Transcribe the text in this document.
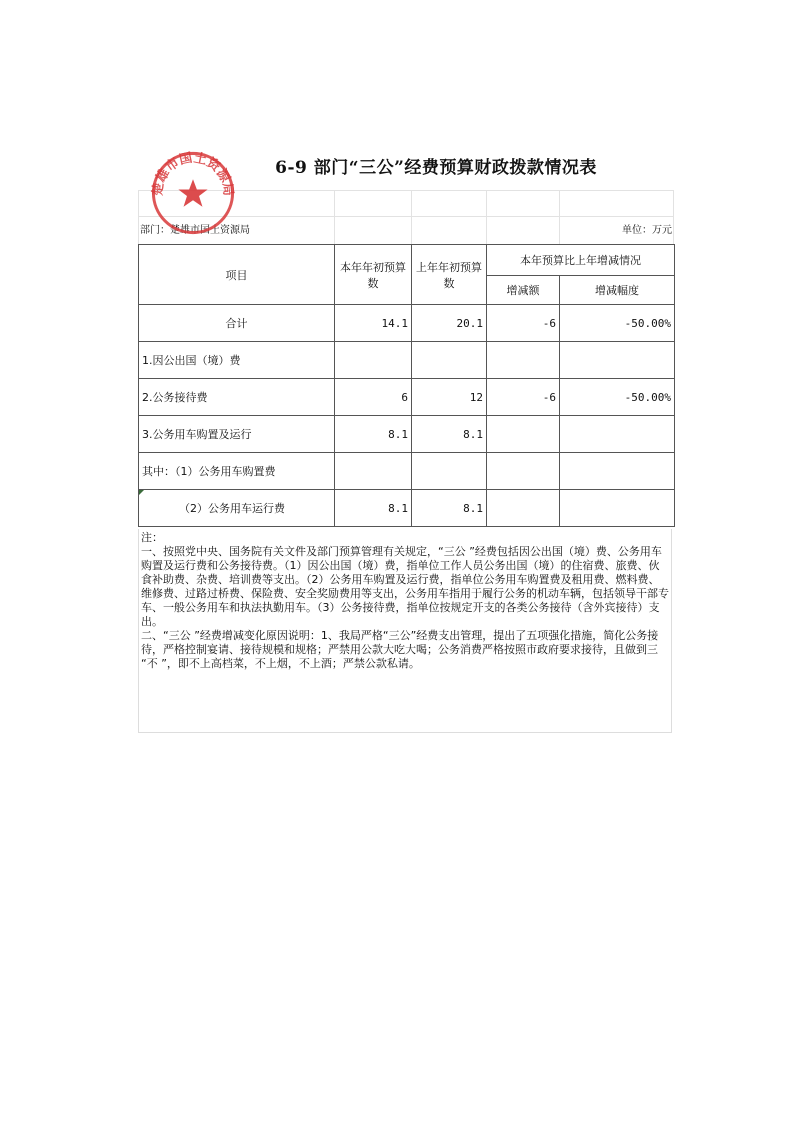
6-9 部门“三公”经费预算财政拨款情况表
部门：楚雄市国土资源局	单位：万元
项目	本年年初预算数	上年年初预算数	本年预算比上年增减情况	
			增减额	增减幅度
合计	14.1	20.1	-6	-50.00%
1.因公出国（境）费				
2.公务接待费	6	12	-6	-50.00%
3.公务用车购置及运行	8.1	8.1		
其中：（1）公务用车购置费				

（2）公务用车运行费	8.1	8.1		

注：

一、按照党中央、国务院有关文件及部门预算管理有关规定，“三公 ”经费包括因公出国（境）费、公务用车购置及运行费和公务接待费。（1）因公出国（境）费，指单位工作人员公务出国（境）的住宿费、旅费、伙食补助费、杂费、培训费等支出。（2）公务用车购置及运行费，指单位公务用车购置费及租用费、燃料费、维修费、过路过桥费、保险费、安全奖励费用等支出，公务用车指用于履行公务的机动车辆，包括领导干部专车、一般公务用车和执法执勤用车。（3）公务接待费，指单位按规定开支的各类公务接待（含外宾接待）支出。

二、“三公 ”经费增减变化原因说明：1、我局严格“三公”经费支出管理，提出了五项强化措施，简化公务接待，严格控制宴请、接待规模和规格；严禁用公款大吃大喝；公务消费严格按照市政府要求接待，且做到三 “不 ”，即不上高档菜，不上烟，不上酒；严禁公款私请。

楚雄市国土资源局
